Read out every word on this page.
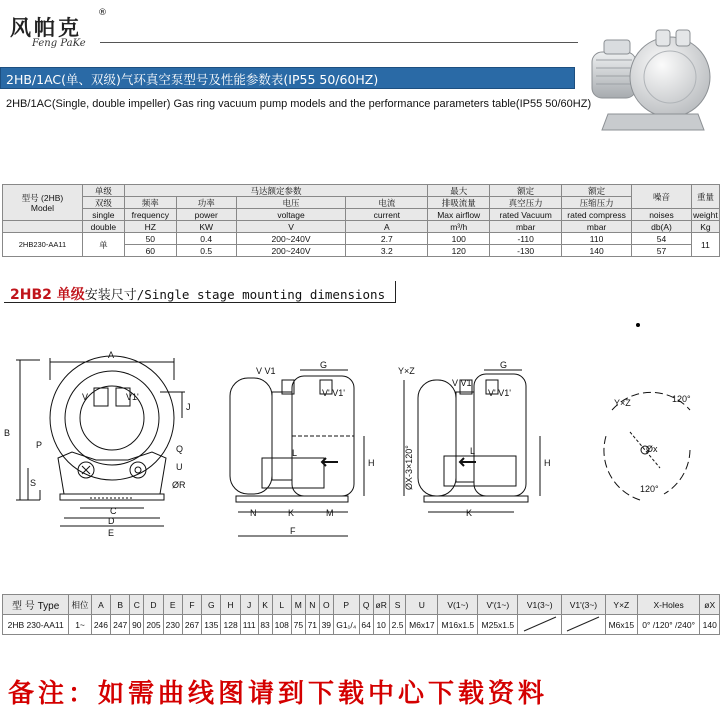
风帕克
®
Feng PaKe
2HB/1AC(单、双级)气环真空泵型号及性能参数表(IP55 50/60HZ)
2HB/1AC(Single, double impeller) Gas ring vacuum pump models and the performance parameters table(IP55 50/60HZ)
型号 (2HB)
Model	单级	马达额定参数				最大	额定	额定	噪音	重量
	双级	频率	功率	电压	电流	排吸流量	真空压力	压缩压力		
	single	frequency	power	voltage	current	Max airflow	rated Vacuum	rated compress	noises	weight
	double	HZ	KW	V	A	m³/h	mbar	mbar	db(A)	Kg
2HB230-AA11	单	50	0.4	200~240V	2.7	100	-110	110	54	11
		60	0.5	200~240V	3.2	120	-130	140	57	
2HB2 单级安装尺寸/Single stage mounting dimensions
A
B
C
D
E
J
P	Q
U
ØR
S
V	V1'
V V1
V' V1'
G
H
L
N	K	M
F
Y×Z
V V1
V' V1'
G
H
L
K
ØX-3×120°
Y×Z	120°
Øx
120°
型 号 Type	相位	A	B	C	D	E	F	G	H	J	K	L	M	N	O	P	Q	øR	S	U	V(1~)	V'(1~)	V1(3~)	V1'(3~)	Y×Z	X-Holes	øX
2HB 230-AA11	1~	246	247	90	205	230	267	135	128	111	83	108	75	71	39	G1₁/₄	64	10	2.5	M6x17	M16x1.5	M25x1.5			M6x15	0° /120° /240°	140
备注：如需曲线图请到下载中心下载资料
